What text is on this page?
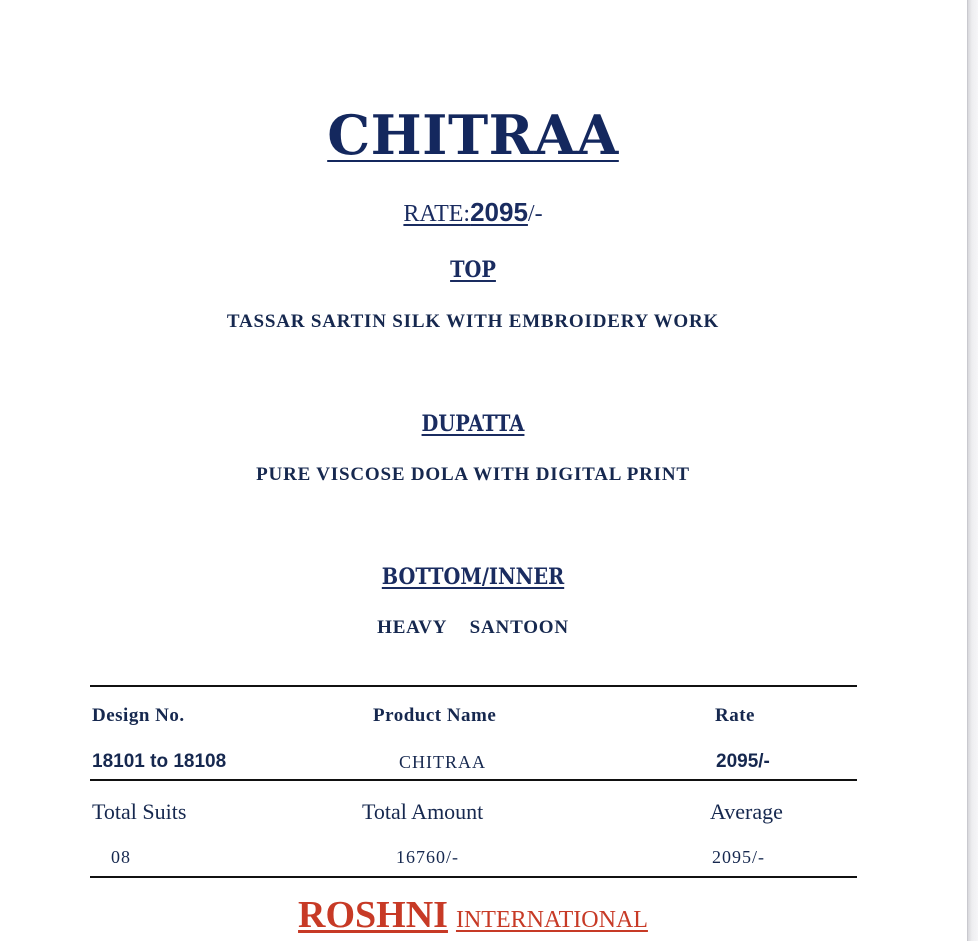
CHITRAA
RATE:2095/-
TOP
TASSAR SARTIN SILK WITH EMBROIDERY WORK
DUPATTA
PURE VISCOSE DOLA WITH DIGITAL PRINT
BOTTOM/INNER
HEAVY  SANTOON
Design No.	Product Name	Rate
18101 to 18108	CHITRAA	2095/-
Total Suits	Total Amount	Average
08	16760/-	2095/-
ROSHNI INTERNATIONAL
